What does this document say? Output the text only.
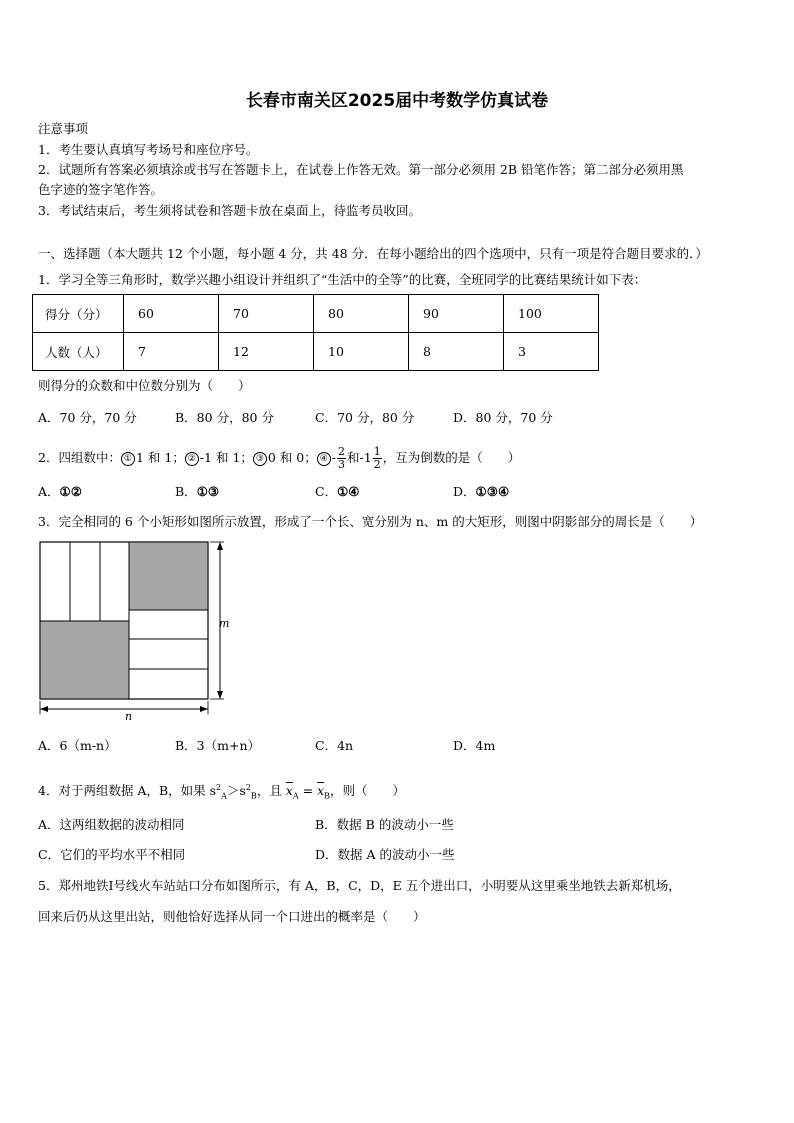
长春市南关区2025届中考数学仿真试卷
注意事项
1．考生要认真填写考场号和座位序号。
2．试题所有答案必须填涂或书写在答题卡上，在试卷上作答无效。第一部分必须用 2B 铅笔作答；第二部分必须用黑
色字迹的签字笔作答。
3．考试结束后，考生须将试卷和答题卡放在桌面上，待监考员收回。
一、选择题（本大题共 12 个小题，每小题 4 分，共 48 分．在每小题给出的四个选项中，只有一项是符合题目要求的．）
1．学习全等三角形时，数学兴趣小组设计并组织了“生活中的全等”的比赛，全班同学的比赛结果统计如下表：
得分（分）	60	70	80	90	100
人数（人）	7	12	10	8	3
则得分的众数和中位数分别为（　　）
A．70 分，70 分	B．80 分，80 分	C．70 分，80 分	D．80 分，70 分
2．四组数中： ① 1 和 1； ② -1 和 1； ③ 0 和 0； ④ - $\frac{2}{3}$ 和$-1 \frac{1}{2}$ ，互为倒数的是（　　）
A．①②	B．①③	C．①④	D．①③④
3．完全相同的 6 个小矩形如图所示放置，形成了一个长、宽分别为 n、m 的大矩形，则图中阴影部分的周长是（　　）
m
n
A．6（m-n）	B．3（m+n）	C．4n	D．4m
4．对于两组数据 A，B，如果 $s^2_A>s^2_B$，且 $\overline{x}_A = \overline{x}_B$，则（　　）
A．这两组数据的波动相同	B．数据 B 的波动小一些
C．它们的平均水平不相同	D．数据 A 的波动小一些
5．郑州地铁Ⅰ号线火车站站口分布如图所示，有 A，B，C，D，E 五个进出口，小明要从这里乘坐地铁去新郑机场，
回来后仍从这里出站，则他恰好选择从同一个口进出的概率是（　　）
